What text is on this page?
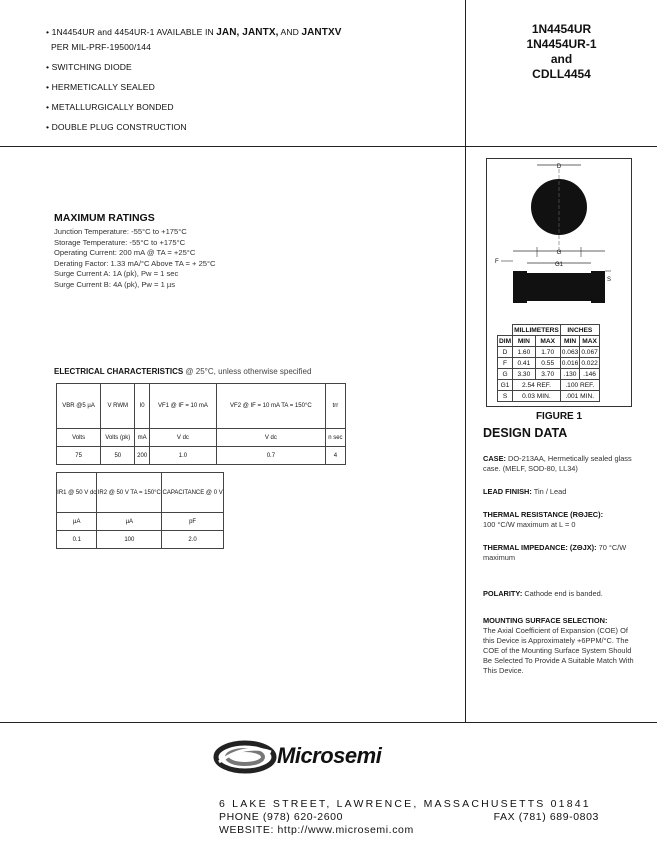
• 1N4454UR and 4454UR-1 AVAILABLE IN JAN, JANTX, AND JANTXV
PER MIL-PRF-19500/144
• SWITCHING DIODE
• HERMETICALLY SEALED
• METALLURGICALLY BONDED
• DOUBLE PLUG CONSTRUCTION
1N4454UR
1N4454UR-1
and
CDLL4454
MAXIMUM RATINGS
Junction Temperature: -55°C to +175°C
Storage Temperature: -55°C to +175°C
Operating Current: 200 mA @ TA = +25°C
Derating Factor: 1.33 mA/°C Above TA = + 25°C
Surge Current A: 1A (pk), Pw = 1 sec
Surge Current B: 4A (pk), Pw = 1 µs
ELECTRICAL CHARACTERISTICS @ 25°C, unless otherwise specified
VBR @5 µA	V RWM	I0	VF1 @ IF = 10 mA	VF2 @ IF = 10 mA TA = 150°C	trr
Volts	Volts (pk)	mA	V dc	V dc	n sec
75	50	200	1.0	0.7	4
IR1 @ 50 V dc	IR2 @ 50 V TA = 150°C	CAPACITANCE @ 0 V
µA	µA	pF
0.1	100	2.0
D
G
G1
F
S
	MILLIMETERS		INCHES	
DIM	MIN	MAX	MIN	MAX
D	1.60	1.70	0.063	0.067
F	0.41	0.55	0.016	0.022
G	3.30	3.70	.130	.146
G1	2.54 REF.		.100 REF.	
S	0.03 MIN.		.001 MIN.	
FIGURE 1
DESIGN DATA
CASE: DO-213AA, Hermetically sealed glass case. (MELF, SOD-80, LL34)
LEAD FINISH: Tin / Lead
THERMAL RESISTANCE (RΘJEC):
100 °C/W maximum at L = 0
THERMAL IMPEDANCE: (ZΘJX): 70 °C/W maximum
POLARITY: Cathode end is banded.
MOUNTING SURFACE SELECTION:
The Axial Coefficient of Expansion (COE) Of this Device is Approximately +6PPM/°C. The COE of the Mounting Surface System Should Be Selected To Provide A Suitable Match With This Device.
Microsemi
6 LAKE STREET, LAWRENCE, MASSACHUSETTS 01841
PHONE (978) 620-2600	FAX (781) 689-0803
WEBSITE: http://www.microsemi.com
